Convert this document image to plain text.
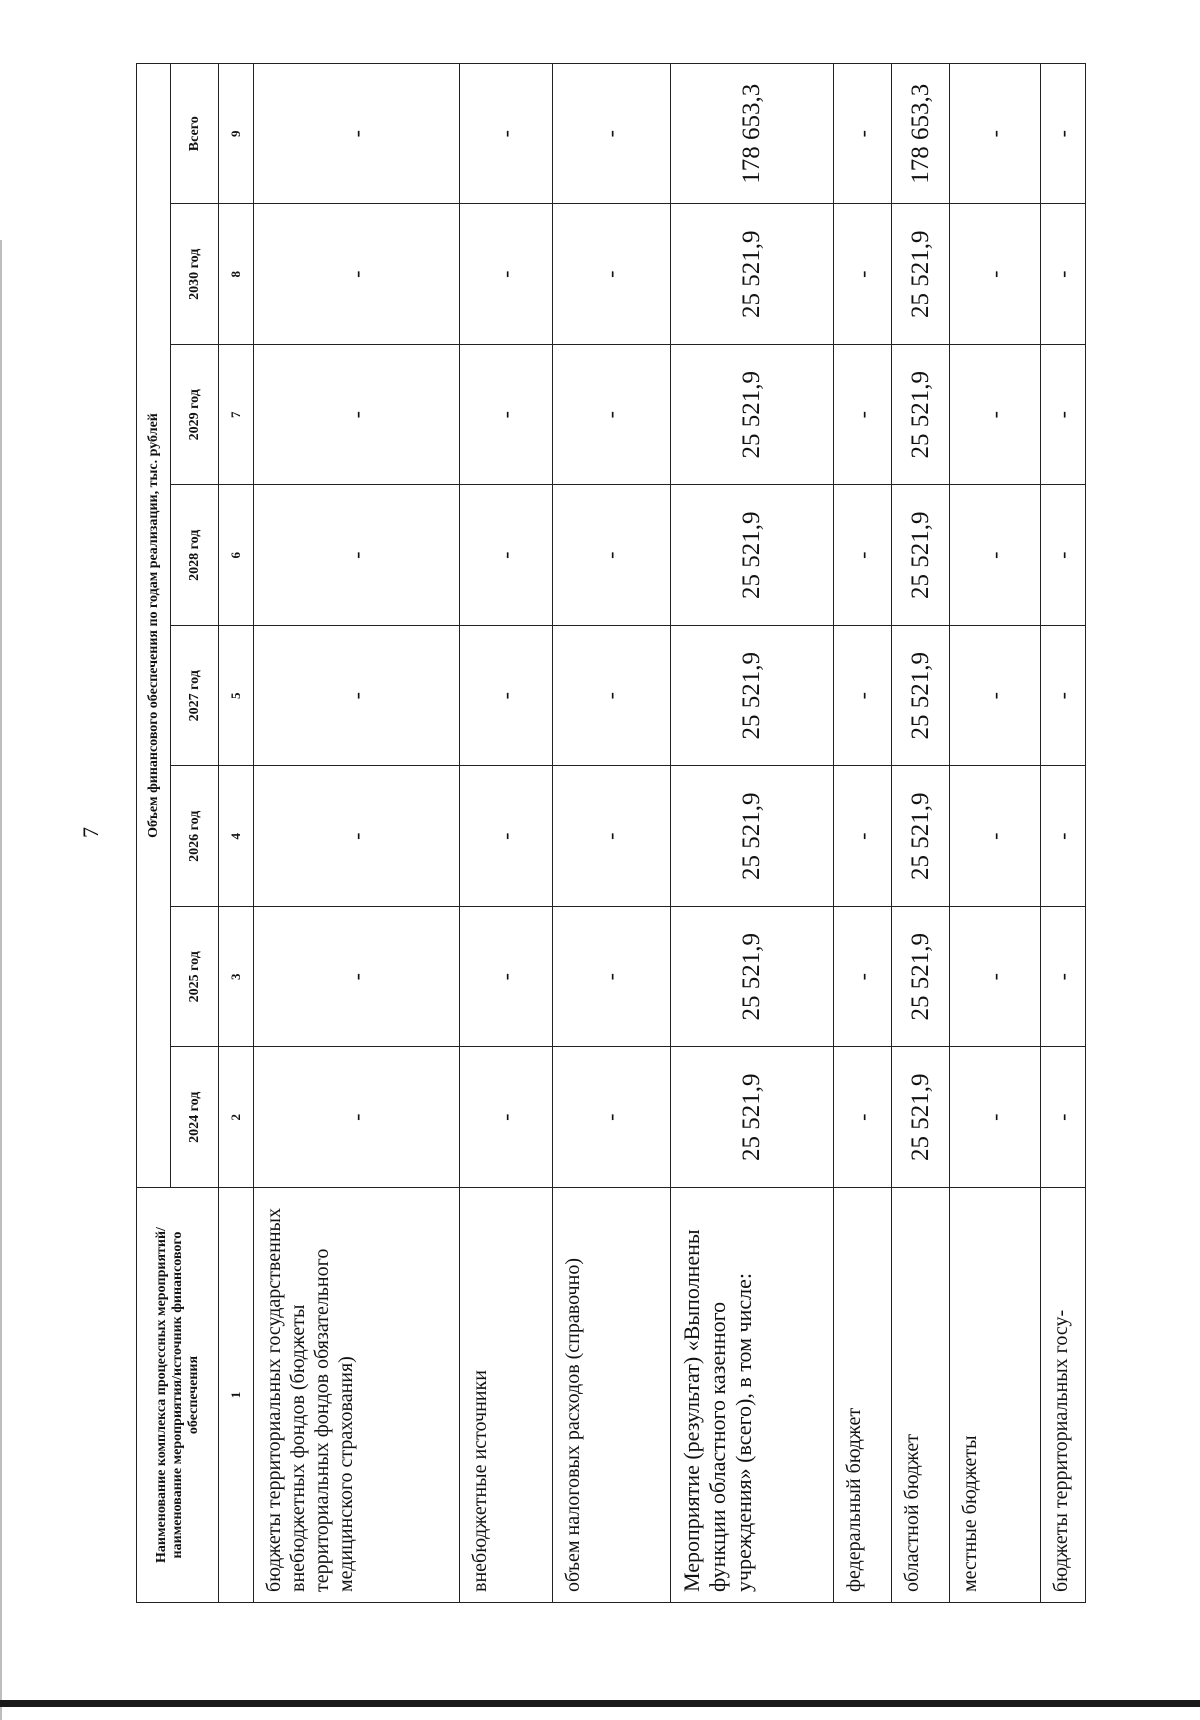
7
Наименование комплекса процессных мероприятий/наименование мероприятия/источник финансового обеспечения	Объем финансового обеспечения по годам реализации, тыс. рублей							
	2024 год	2025 год	2026 год	2027 год	2028 год	2029 год	2030 год	Всего
1	2	3	4	5	6	7	8	9
бюджеты территориальных государственных внебюджетных фондов (бюджеты территориальных фондов обязательного медицинского страхования)	-	-	-	-	-	-	-	-
внебюджетные источники	-	-	-	-	-	-	-	-
объем налоговых расходов (справочно)	-	-	-	-	-	-	-	-
Мероприятие (результат) «Выполнены функции областного казенного учреждения» (всего), в том числе:	25 521,9	25 521,9	25 521,9	25 521,9	25 521,9	25 521,9	25 521,9	178 653,3
федеральный бюджет	-	-	-	-	-	-	-	-
областной бюджет	25 521,9	25 521,9	25 521,9	25 521,9	25 521,9	25 521,9	25 521,9	178 653,3
местные бюджеты	-	-	-	-	-	-	-	-
бюджеты территориальных госу-	-	-	-	-	-	-	-	-
